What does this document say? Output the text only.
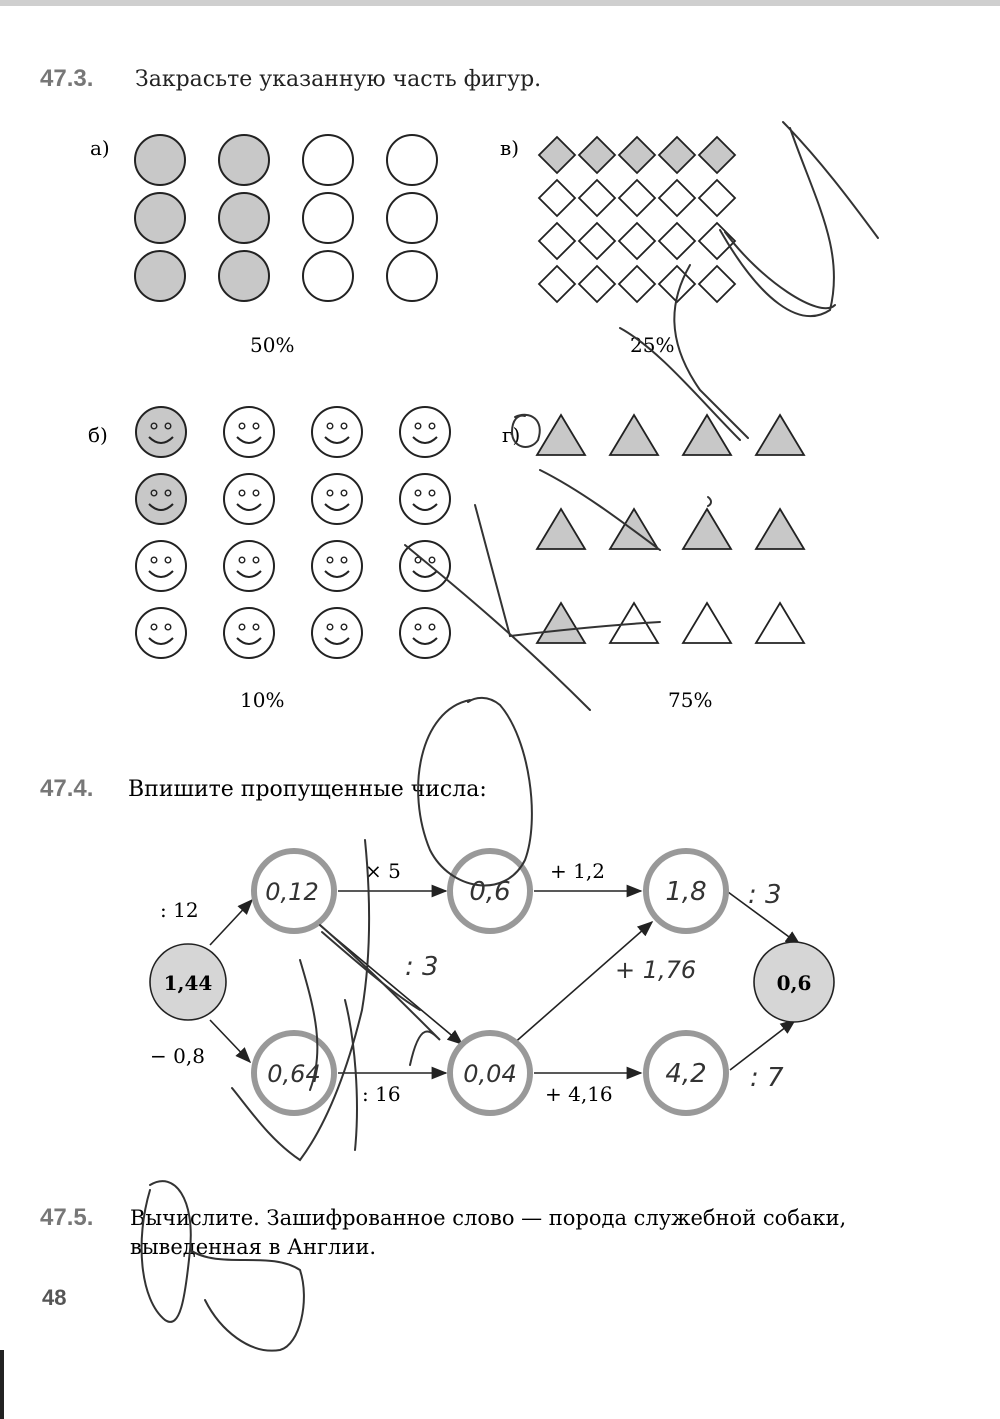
47.3. Закрасьте указанную часть фигур.
а)	в)
б)	г)
50%	25%
10%	75%
47.4. Впишите пропущенные числа:
1,44
0,12	0,6	1,8
0,64	0,04	4,2
0,6
: 12
− 0,8
× 5	+ 1,2
: 16	+ 4,16
: 3	+ 1,76
: 3
: 7
47.5. Вычислите. Зашифрованное слово — порода служебной собаки,
выведенная в Англии.
48
